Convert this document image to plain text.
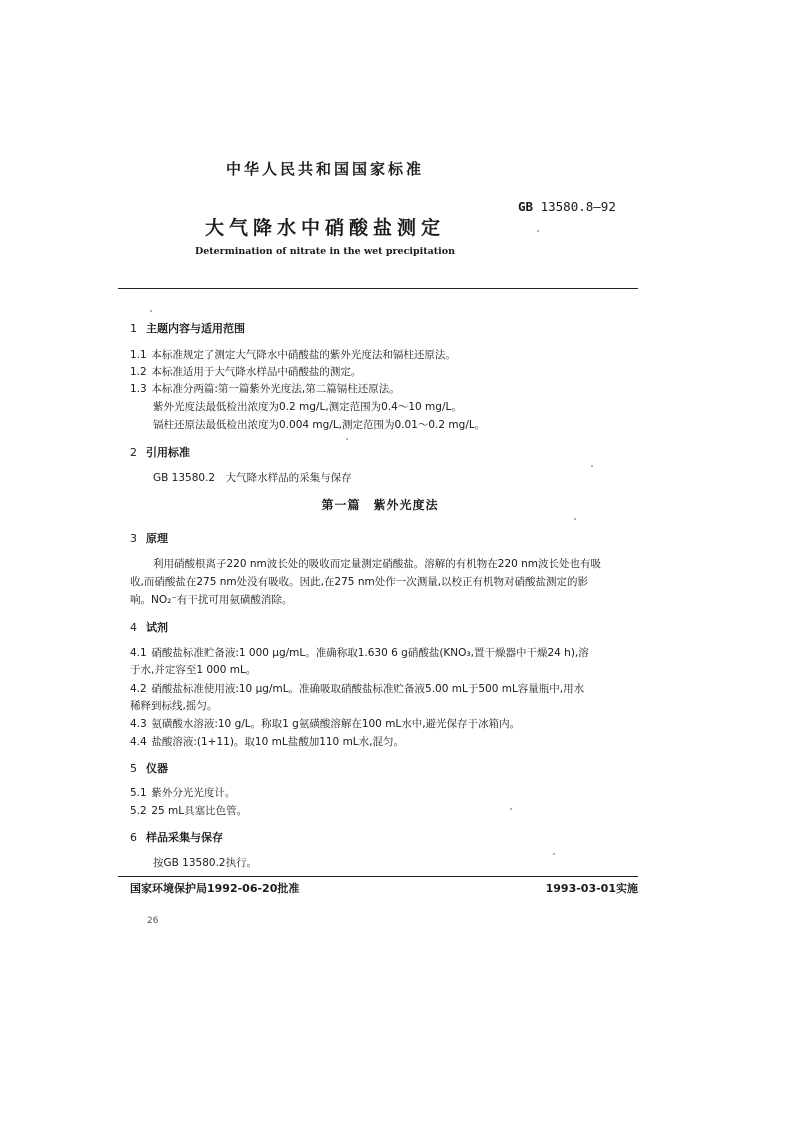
中华人民共和国国家标准
GB 13580.8—92
大气降水中硝酸盐测定
Determination of nitrate in the wet precipitation
1 主题内容与适用范围
1.1 本标准规定了测定大气降水中硝酸盐的紫外光度法和镉柱还原法。
1.2 本标准适用于大气降水样品中硝酸盐的测定。
1.3 本标准分两篇:第一篇紫外光度法,第二篇镉柱还原法。
紫外光度法最低检出浓度为0.2 mg/L,测定范围为0.4～10 mg/L。
镉柱还原法最低检出浓度为0.004 mg/L,测定范围为0.01～0.2 mg/L。
2 引用标准
GB 13580.2　大气降水样品的采集与保存
第一篇　紫外光度法
3 原理
利用硝酸根离子220 nm波长处的吸收而定量测定硝酸盐。溶解的有机物在220 nm波长处也有吸
收,而硝酸盐在275 nm处没有吸收。因此,在275 nm处作一次测量,以校正有机物对硝酸盐测定的影
响。NO₂⁻有干扰可用氨磺酸消除。
4 试剂
4.1 硝酸盐标准贮备液:1 000 μg/mL。准确称取1.630 6 g硝酸盐(KNO₃,置干燥器中干燥24 h),溶
于水,并定容至1 000 mL。
4.2 硝酸盐标准使用液:10 μg/mL。准确吸取硝酸盐标准贮备液5.00 mL于500 mL容量瓶中,用水
稀释到标线,摇匀。
4.3 氨磺酸水溶液:10 g/L。称取1 g氨磺酸溶解在100 mL水中,避光保存于冰箱内。
4.4 盐酸溶液:(1+11)。取10 mL盐酸加110 mL水,混匀。
5 仪器
5.1 紫外分光光度计。
5.2 25 mL具塞比色管。
6 样品采集与保存
按GB 13580.2执行。
国家环境保护局1992-06-20批准	1993-03-01实施
26
